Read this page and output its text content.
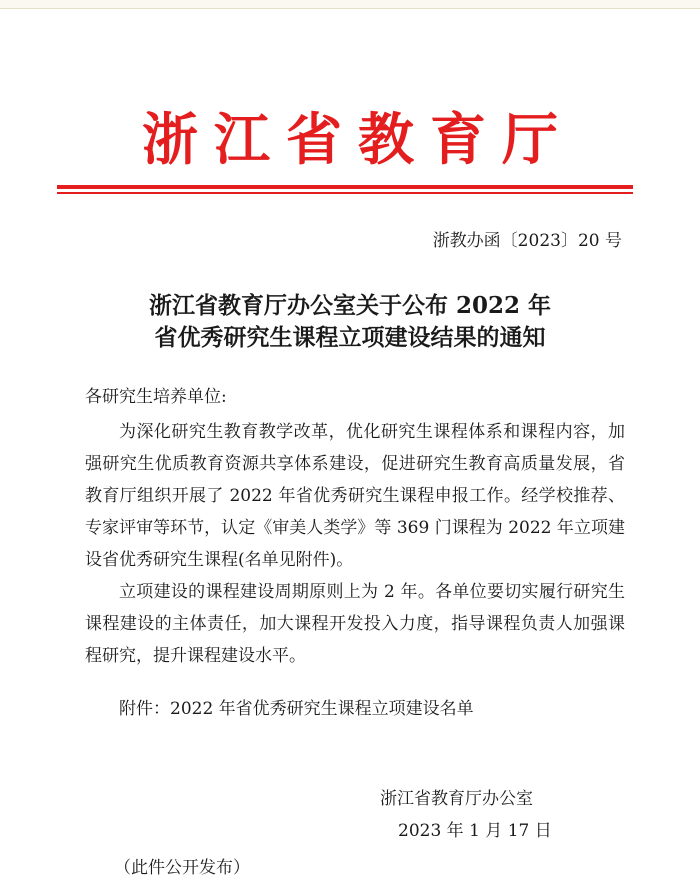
浙江省教育厅
浙教办函〔2023〕20 号
浙江省教育厅办公室关于公布 2022 年
省优秀研究生课程立项建设结果的通知
各研究生培养单位:
为深化研究生教育教学改革，优化研究生课程体系和课程内容，加强研究生优质教育资源共享体系建设，促进研究生教育高质量发展，省教育厅组织开展了 2022 年省优秀研究生课程申报工作。经学校推荐、专家评审等环节，认定《审美人类学》等 369 门课程为 2022 年立项建设省优秀研究生课程(名单见附件)。
立项建设的课程建设周期原则上为 2 年。各单位要切实履行研究生课程建设的主体责任，加大课程开发投入力度，指导课程负责人加强课程研究，提升课程建设水平。
附件：2022 年省优秀研究生课程立项建设名单
浙江省教育厅办公室
2023 年 1 月 17 日
（此件公开发布）
